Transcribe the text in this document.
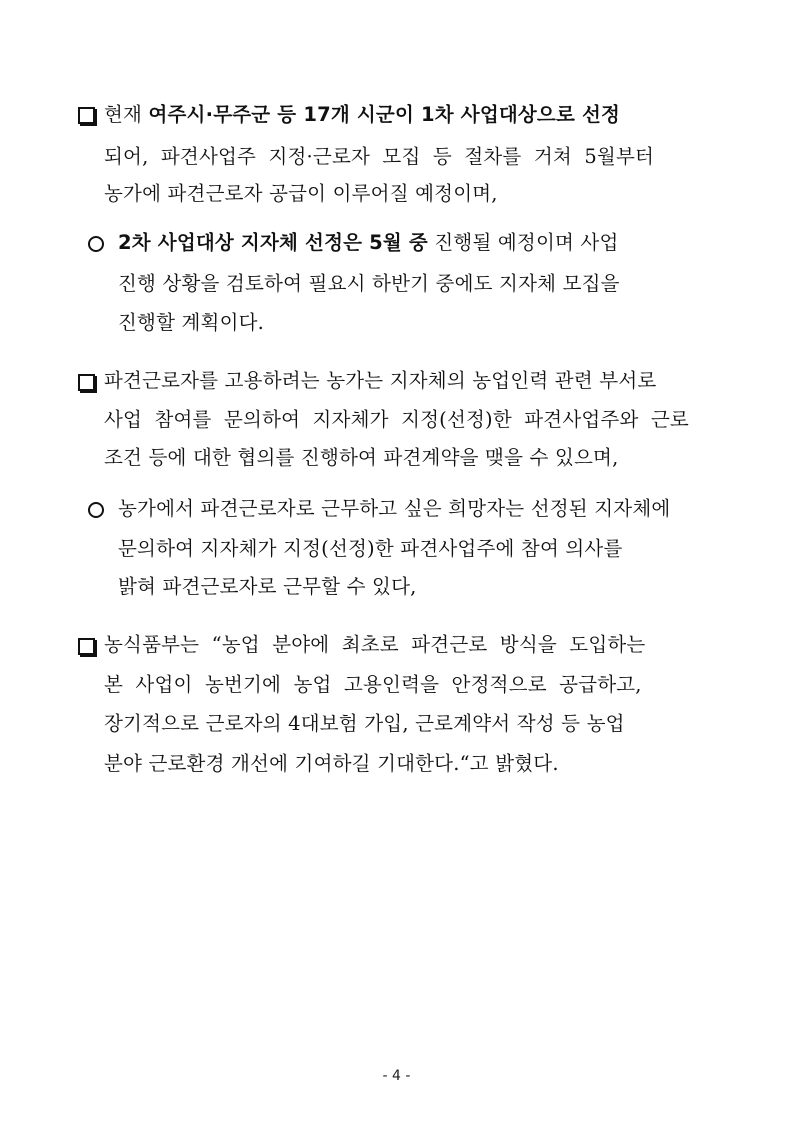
현재 여주시·무주군 등 17개 시군이 1차 사업대상으로 선정
되어, 파견사업주 지정·근로자 모집 등 절차를 거쳐 5월부터
농가에 파견근로자 공급이 이루어질 예정이며,
2차 사업대상 지자체 선정은 5월 중 진행될 예정이며 사업
진행 상황을 검토하여 필요시 하반기 중에도 지자체 모집을
진행할 계획이다.
파견근로자를 고용하려는 농가는 지자체의 농업인력 관련 부서로
사업 참여를 문의하여 지자체가 지정(선정)한 파견사업주와 근로
조건 등에 대한 협의를 진행하여 파견계약을 맺을 수 있으며,
농가에서 파견근로자로 근무하고 싶은 희망자는 선정된 지자체에
문의하여 지자체가 지정(선정)한 파견사업주에 참여 의사를
밝혀 파견근로자로 근무할 수 있다,
농식품부는 “농업 분야에 최초로 파견근로 방식을 도입하는
본 사업이 농번기에 농업 고용인력을 안정적으로 공급하고,
장기적으로 근로자의 4대보험 가입, 근로계약서 작성 등 농업
분야 근로환경 개선에 기여하길 기대한다.“고 밝혔다.
- 4 -
